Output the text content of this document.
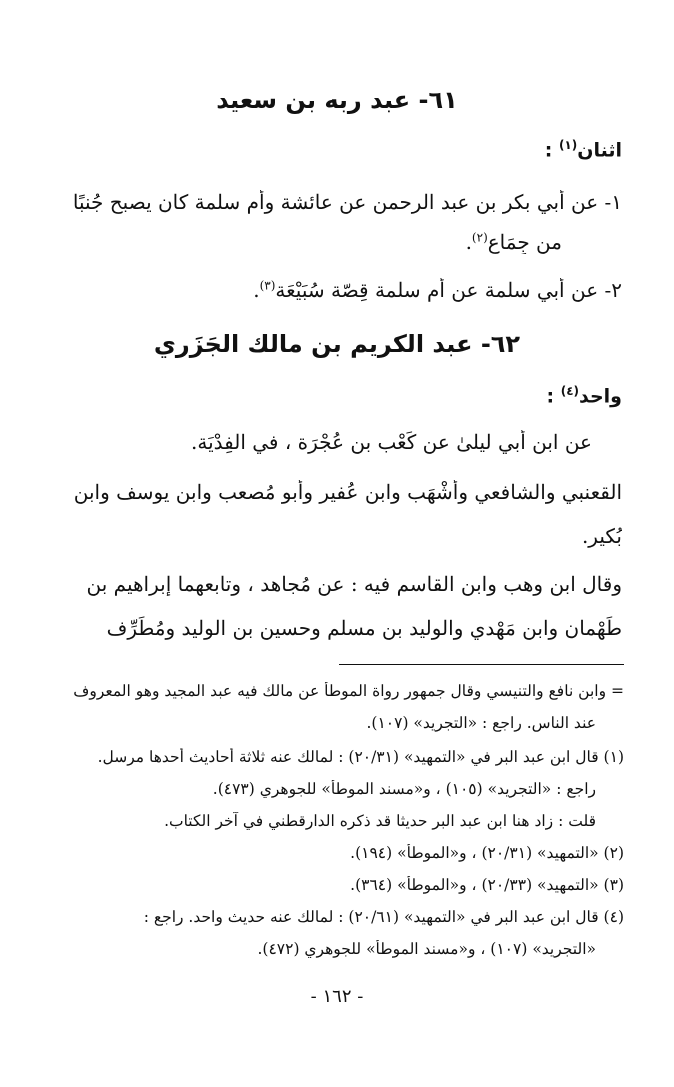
٦١- عبد ربه بن سعيد
اثنان$^{(١)}$ :
١- عن أبي بكر بن عبد الرحمن عن عائشة وأم سلمة كان يصبح جُنبًا
من جِمَاع$^{(٢)}$.
٢- عن أبي سلمة عن أم سلمة قِصّة سُبَيْعَة$^{(٣)}$.
٦٢- عبد الكريم بن مالك الجَزَري
واحد$^{(٤)}$ :
عن ابن أبي ليلىٰ عن كَعْب بن عُجْرَة ، في الفِدْيَة.
القعنبي والشافعي وأَشْهَب وابن عُفير وأبو مُصعب وابن يوسف وابن
بُكير.
وقال ابن وهب وابن القاسم فيه : عن مُجاهد ، وتابعهما إبراهيم بن
طَهْمان وابن مَهْدي والوليد بن مسلم وحسين بن الوليد ومُطَرِّف
= وابن نافع والتنيسي وقال جمهور رواة الموطأ عن مالك فيه عبد المجيد وهو المعروف
عند الناس. راجع : «التجريد» (١٠٧).
(١) قال ابن عبد البر في «التمهيد» (٢٠/٣١) : لمالك عنه ثلاثة أحاديث أحدها مرسل.
راجع : «التجريد» (١٠٥) ، و«مسند الموطأ» للجوهري (٤٧٣).
قلت : زاد هنا ابن عبد البر حديثا قد ذكره الدارقطني في آخر الكتاب.
(٢) «التمهيد» (٢٠/٣١) ، و«الموطأ» (١٩٤).
(٣) «التمهيد» (٢٠/٣٣) ، و«الموطأ» (٣٦٤).
(٤) قال ابن عبد البر في «التمهيد» (٢٠/٦١) : لمالك عنه حديث واحد. راجع :
«التجريد» (١٠٧) ، و«مسند الموطأ» للجوهري (٤٧٢).
- ١٦٢ -
